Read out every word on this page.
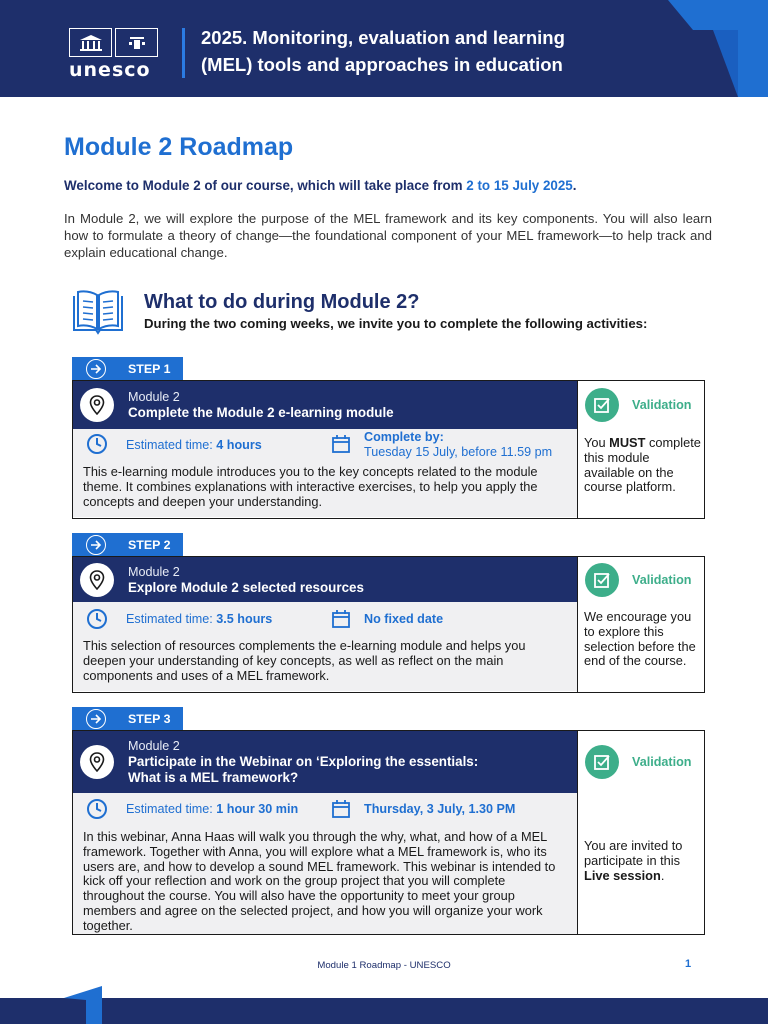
unesco
2025. Monitoring, evaluation and learning
(MEL) tools and approaches in education
Module 2 Roadmap
Welcome to Module 2 of our course, which will take place from 2 to 15 July 2025.
In Module 2, we will explore the purpose of the MEL framework and its key components. You will also learn how to formulate a theory of change—the foundational component of your MEL framework—to help track and explain educational change.
What to do during Module 2?
During the two coming weeks, we invite you to complete the following activities:
STEP 1
Module 2
Complete the Module 2 e-learning module
Estimated time: 4 hours
Complete by:
Tuesday 15 July, before 11.59 pm
This e-learning module introduces you to the key concepts related to the module theme. It combines explanations with interactive exercises, to help you apply the concepts and deepen your understanding.
Validation
You MUST complete this module available on the course platform.
STEP 2
Module 2
Explore Module 2 selected resources
Estimated time: 3.5 hours	No fixed date
This selection of resources complements the e-learning module and helps you deepen your understanding of key concepts, as well as reflect on the main components and uses of a MEL framework.
Validation
We encourage you to explore this selection before the end of the course.
STEP 3
Module 2
Participate in the Webinar on ‘Exploring the essentials:
What is a MEL framework?
Estimated time: 1 hour 30 min	Thursday, 3 July, 1.30 PM
In this webinar, Anna Haas will walk you through the why, what, and how of a MEL framework. Together with Anna, you will explore what a MEL framework is, who its users are, and how to develop a sound MEL framework. This webinar is intended to kick off your reflection and work on the group project that you will complete throughout the course. You will also have the opportunity to meet your group members and agree on the selected project, and how you will organize your work together.
Validation
You are invited to participate in this Live session.
Module 1 Roadmap - UNESCO	1
